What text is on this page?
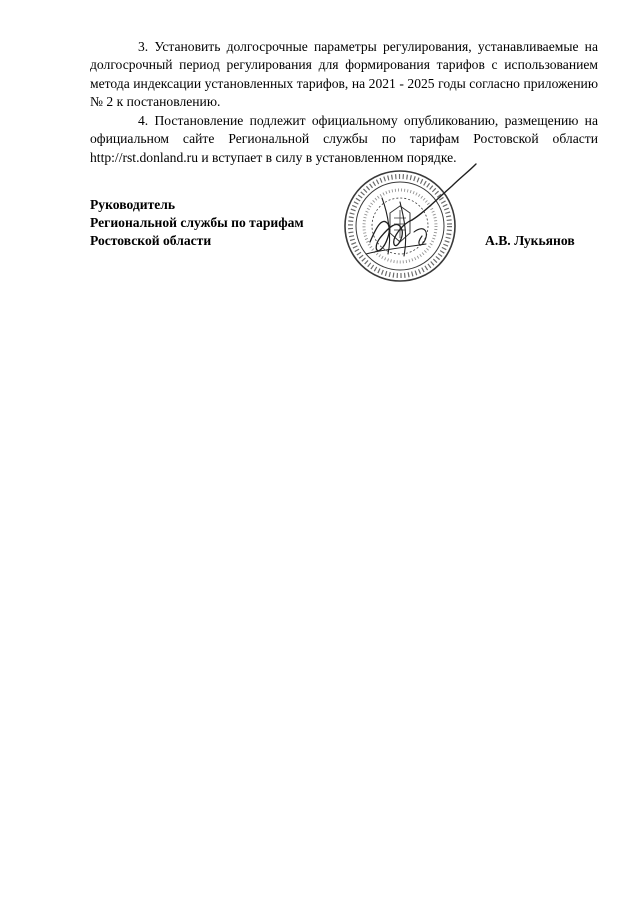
3. Установить долгосрочные параметры регулирования, устанавливаемые на долгосрочный период регулирования для формирования тарифов с использованием метода индексации установленных тарифов, на 2021 - 2025 годы согласно приложению № 2 к постановлению.

4. Постановление подлежит официальному опубликованию, размещению на официальном сайте Региональной службы по тарифам Ростовской области http://rst.donland.ru и вступает в силу в установленном порядке.

Руководитель
Региональной службы по тарифам
Ростовской области	А.В. Лукьянов
